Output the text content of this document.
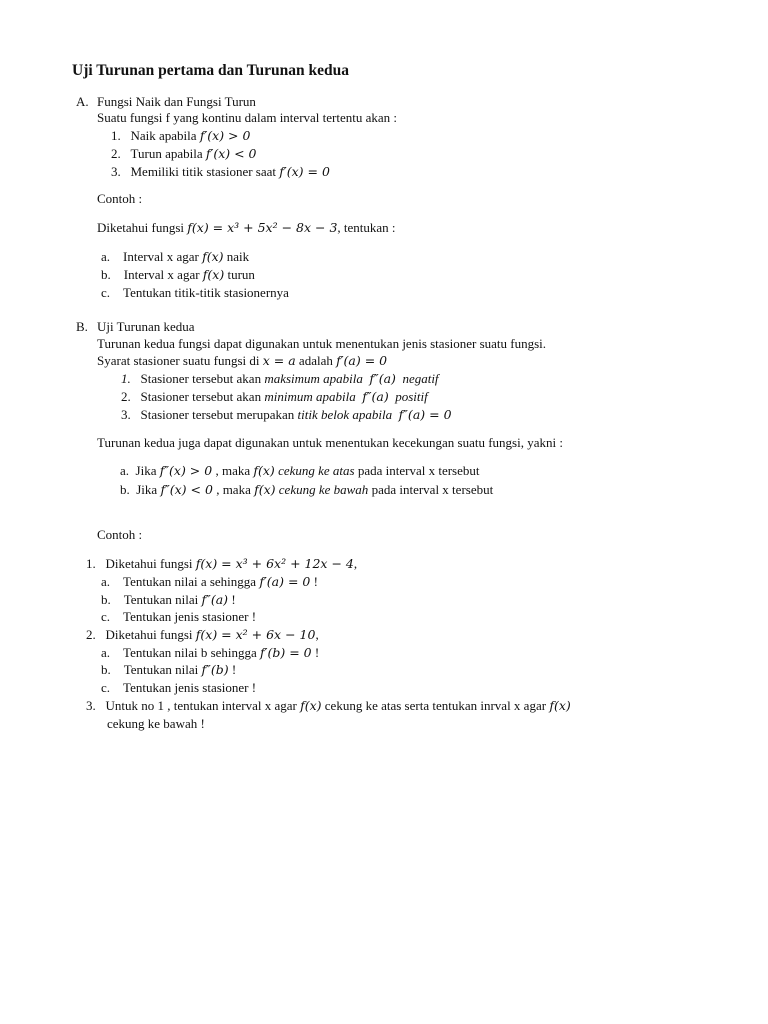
Uji Turunan pertama dan Turunan kedua
A. Fungsi Naik dan Fungsi Turun
Suatu fungsi f yang kontinu dalam interval tertentu akan :
1. Naik apabila f′(x) > 0
2. Turun apabila f′(x) < 0
3. Memiliki titik stasioner saat f′(x) = 0
Contoh :
Diketahui fungsi f(x) = x³ + 5x² − 8x − 3, tentukan :
a. Interval x agar f(x) naik
b. Interval x agar f(x) turun
c. Tentukan titik-titik stasionernya
B. Uji Turunan kedua
Turunan kedua fungsi dapat digunakan untuk menentukan jenis stasioner suatu fungsi.
Syarat stasioner suatu fungsi di x = a adalah f′(a) = 0
1. Stasioner tersebut akan maksimum apabila f″(a) negatif
2. Stasioner tersebut akan minimum apabila f″(a) positif
3. Stasioner tersebut merupakan titik belok apabila f″(a) = 0
Turunan kedua juga dapat digunakan untuk menentukan kecekungan suatu fungsi, yakni :
a. Jika f″(x) > 0 , maka f(x) cekung ke atas pada interval x tersebut
b. Jika f″(x) < 0 , maka f(x) cekung ke bawah pada interval x tersebut
Contoh :
1. Diketahui fungsi f(x) = x³ + 6x² + 12x − 4,
a. Tentukan nilai a sehingga f′(a) = 0 !
b. Tentukan nilai f″(a) !
c. Tentukan jenis stasioner !
2. Diketahui fungsi f(x) = x² + 6x − 10,
a. Tentukan nilai b sehingga f′(b) = 0 !
b. Tentukan nilai f″(b) !
c. Tentukan jenis stasioner !
3. Untuk no 1 , tentukan interval x agar f(x) cekung ke atas serta tentukan inrval x agar f(x)
cekung ke bawah !
